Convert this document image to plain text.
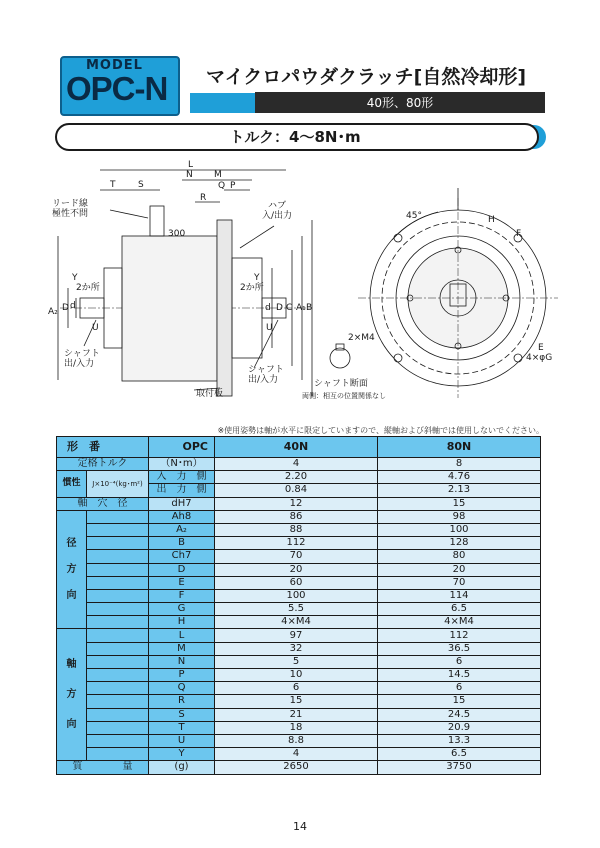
MODEL
OPC-N マイクロパウダクラッチ[自然冷却形]
40形、80形
トルク：4～8N･m
L
T	S
N M
Q P
R
リード線
極性不問
300
ハブ
入/出力
Y
2か所
Y
2か所
A₂ D d	d D C A₁ B
U	U
シャフト
出/入力
シャフト
出/入力
取付板
45°	H
F
E
4×φG
2×M4
シャフト断面
両側：相互の位置関係なし
※使用姿勢は軸が水平に限定していますので、縦軸および斜軸では使用しないでください。
形　番		OPC	40N	80N
定格トルク		（N･m）	4	8
慣性	J×10⁻⁴(kg･m²)	入　力　側	2.20	4.76
		出　力　側	0.84	2.13
軸　穴　径		dH7	12	15

径
方
向		Ah8	86	98
		A₂	88	100
		B	112	128
		Ch7	70	80
		D	20	20
		E	60	70
		F	100	114
		G	5.5	6.5
		H	4×M4	4×M4

軸
方
向		L	97	112
		M	32	36.5
		N	5	6
		P	10	14.5
		Q	6	6
		R	15	15
		S	21	24.5
		T	18	20.9
		U	8.8	13.3
		Y	4	6.5
質　　　　量		(g)	2650	3750
14
